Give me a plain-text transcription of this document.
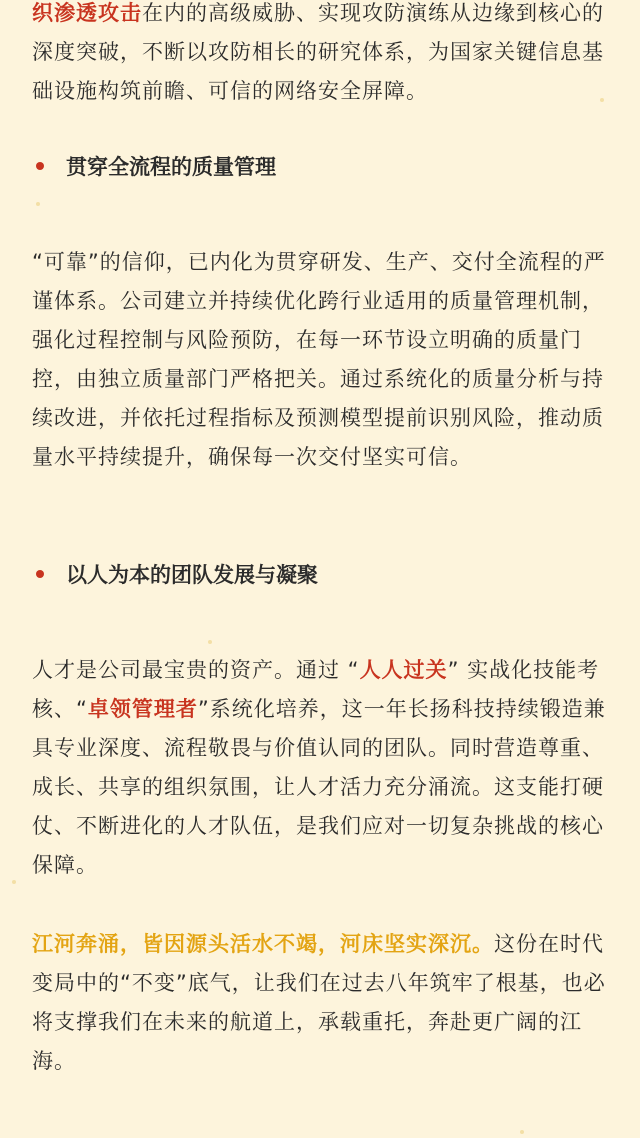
织渗透攻击在内的高级威胁、实现攻防演练从边缘到核心的深度突破，不断以攻防相长的研究体系，为国家关键信息基础设施构筑前瞻、可信的网络安全屏障。

贯穿全流程的质量管理

“可靠”的信仰，已内化为贯穿研发、生产、交付全流程的严谨体系。公司建立并持续优化跨行业适用的质量管理机制，强化过程控制与风险预防，在每一环节设立明确的质量门控，由独立质量部门严格把关。通过系统化的质量分析与持续改进，并依托过程指标及预测模型提前识别风险，推动质量水平持续提升，确保每一次交付坚实可信。

以人为本的团队发展与凝聚

人才是公司最宝贵的资产。通过 “人人过关” 实战化技能考核、“卓领管理者”系统化培养，这一年长扬科技持续锻造兼具专业深度、流程敬畏与价值认同的团队。同时营造尊重、成长、共享的组织氛围，让人才活力充分涌流。这支能打硬仗、不断进化的人才队伍，是我们应对一切复杂挑战的核心保障。

江河奔涌，皆因源头活水不竭，河床坚实深沉。这份在时代变局中的“不变”底气，让我们在过去八年筑牢了根基，也必将支撑我们在未来的航道上，承载重托，奔赴更广阔的江海。
